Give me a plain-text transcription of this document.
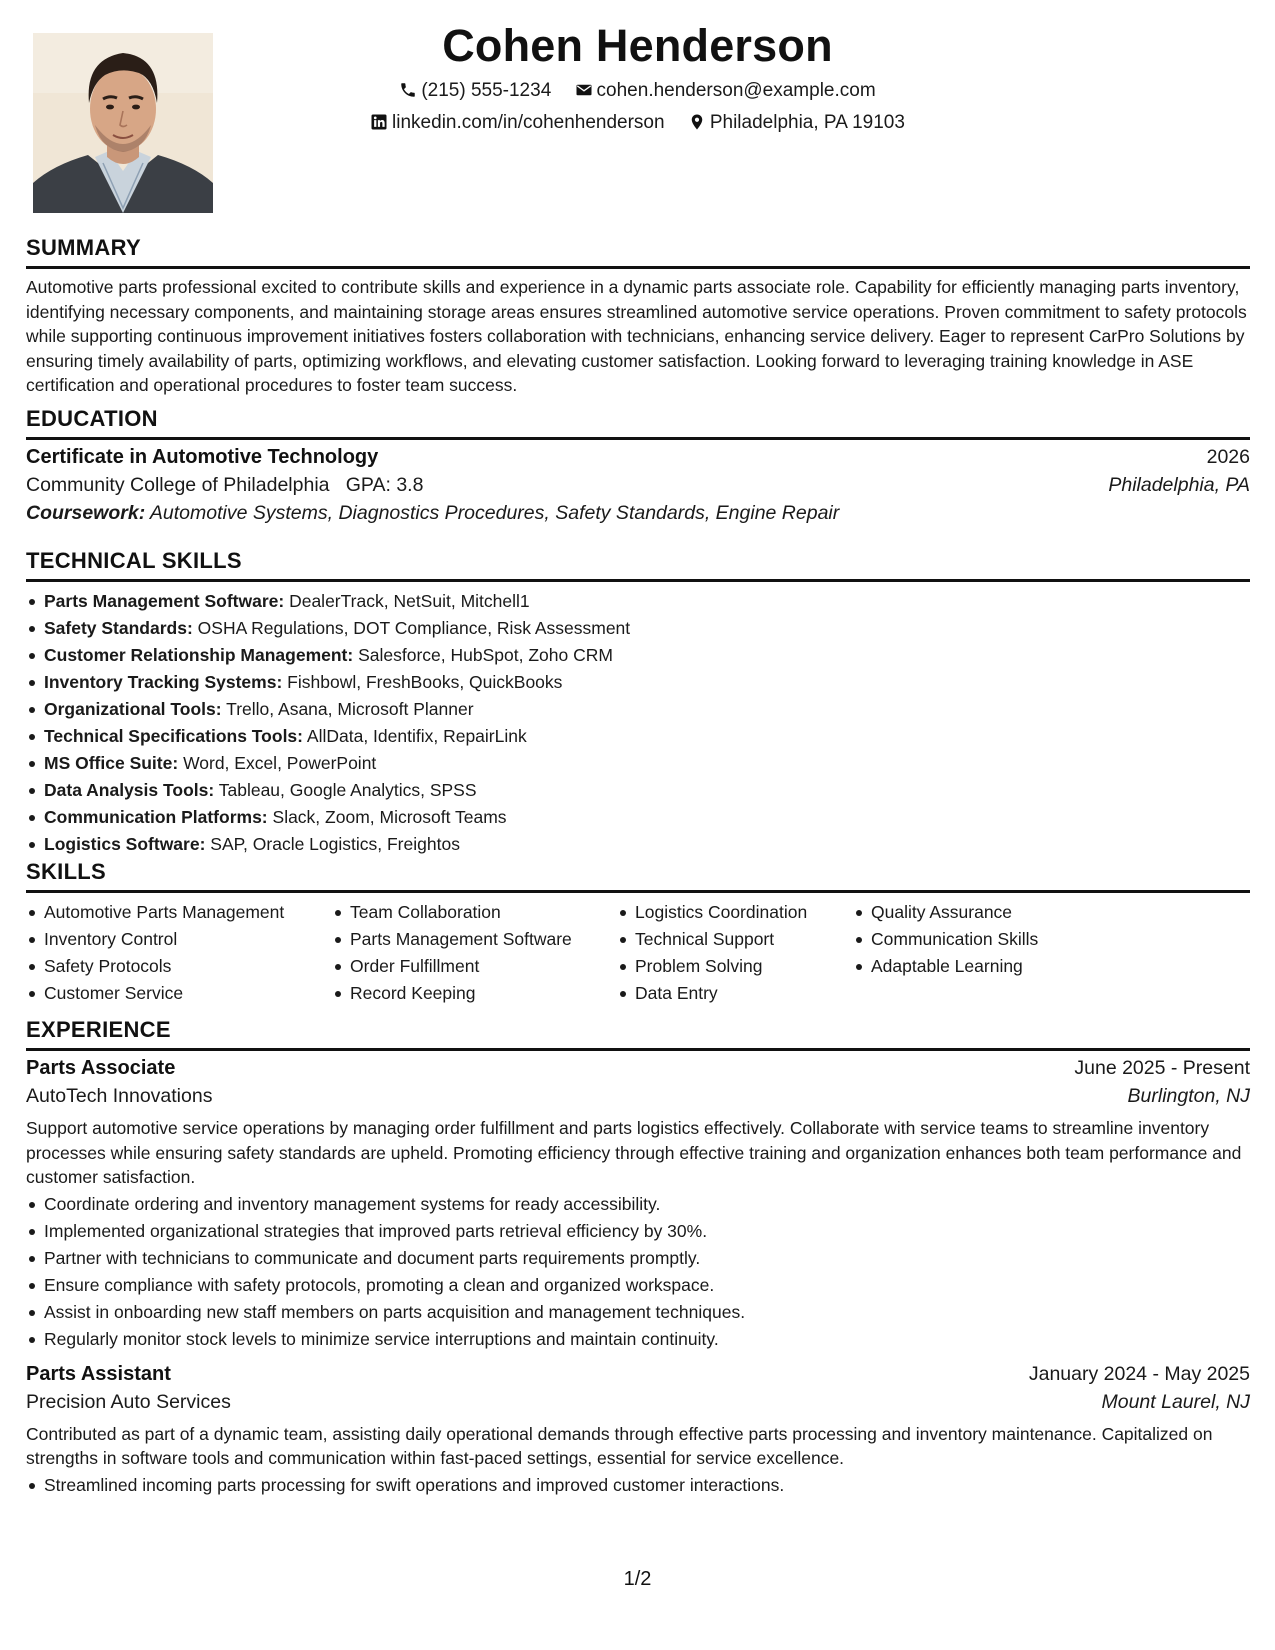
Cohen Henderson
(215) 555-1234 cohen.henderson@example.com
linkedin.com/in/cohenhenderson Philadelphia, PA 19103
SUMMARY

Automotive parts professional excited to contribute skills and experience in a dynamic parts associate role. Capability for efficiently managing parts inventory, identifying necessary components, and maintaining storage areas ensures streamlined automotive service operations. Proven commitment to safety protocols while supporting continuous improvement initiatives fosters collaboration with technicians, enhancing service delivery. Eager to represent CarPro Solutions by ensuring timely availability of parts, optimizing workflows, and elevating customer satisfaction. Looking forward to leveraging training knowledge in ASE certification and operational procedures to foster team success.

EDUCATION
Certificate in Automotive Technology	2026
Community College of Philadelphia GPA: 3.8	Philadelphia, PA
Coursework: Automotive Systems, Diagnostics Procedures, Safety Standards, Engine Repair
TECHNICAL SKILLS
Parts Management Software: DealerTrack, NetSuit, Mitchell1
Safety Standards: OSHA Regulations, DOT Compliance, Risk Assessment
Customer Relationship Management: Salesforce, HubSpot, Zoho CRM
Inventory Tracking Systems: Fishbowl, FreshBooks, QuickBooks
Organizational Tools: Trello, Asana, Microsoft Planner
Technical Specifications Tools: AllData, Identifix, RepairLink
MS Office Suite: Word, Excel, PowerPoint
Data Analysis Tools: Tableau, Google Analytics, SPSS
Communication Platforms: Slack, Zoom, Microsoft Teams
Logistics Software: SAP, Oracle Logistics, Freightos
SKILLS
Automotive Parts Management
Inventory Control
Safety Protocols
Customer Service
Team Collaboration
Parts Management Software
Order Fulfillment
Record Keeping
Logistics Coordination
Technical Support
Problem Solving
Data Entry
Quality Assurance
Communication Skills
Adaptable Learning
EXPERIENCE
Parts Associate	June 2025 - Present
AutoTech Innovations	Burlington, NJ

Support automotive service operations by managing order fulfillment and parts logistics effectively. Collaborate with service teams to streamline inventory processes while ensuring safety standards are upheld. Promoting efficiency through effective training and organization enhances both team performance and customer satisfaction.

Coordinate ordering and inventory management systems for ready accessibility.
Implemented organizational strategies that improved parts retrieval efficiency by 30%.
Partner with technicians to communicate and document parts requirements promptly.
Ensure compliance with safety protocols, promoting a clean and organized workspace.
Assist in onboarding new staff members on parts acquisition and management techniques.
Regularly monitor stock levels to minimize service interruptions and maintain continuity.
Parts Assistant	January 2024 - May 2025
Precision Auto Services	Mount Laurel, NJ

Contributed as part of a dynamic team, assisting daily operational demands through effective parts processing and inventory maintenance. Capitalized on strengths in software tools and communication within fast-paced settings, essential for service excellence.

Streamlined incoming parts processing for swift operations and improved customer interactions.
1/2
